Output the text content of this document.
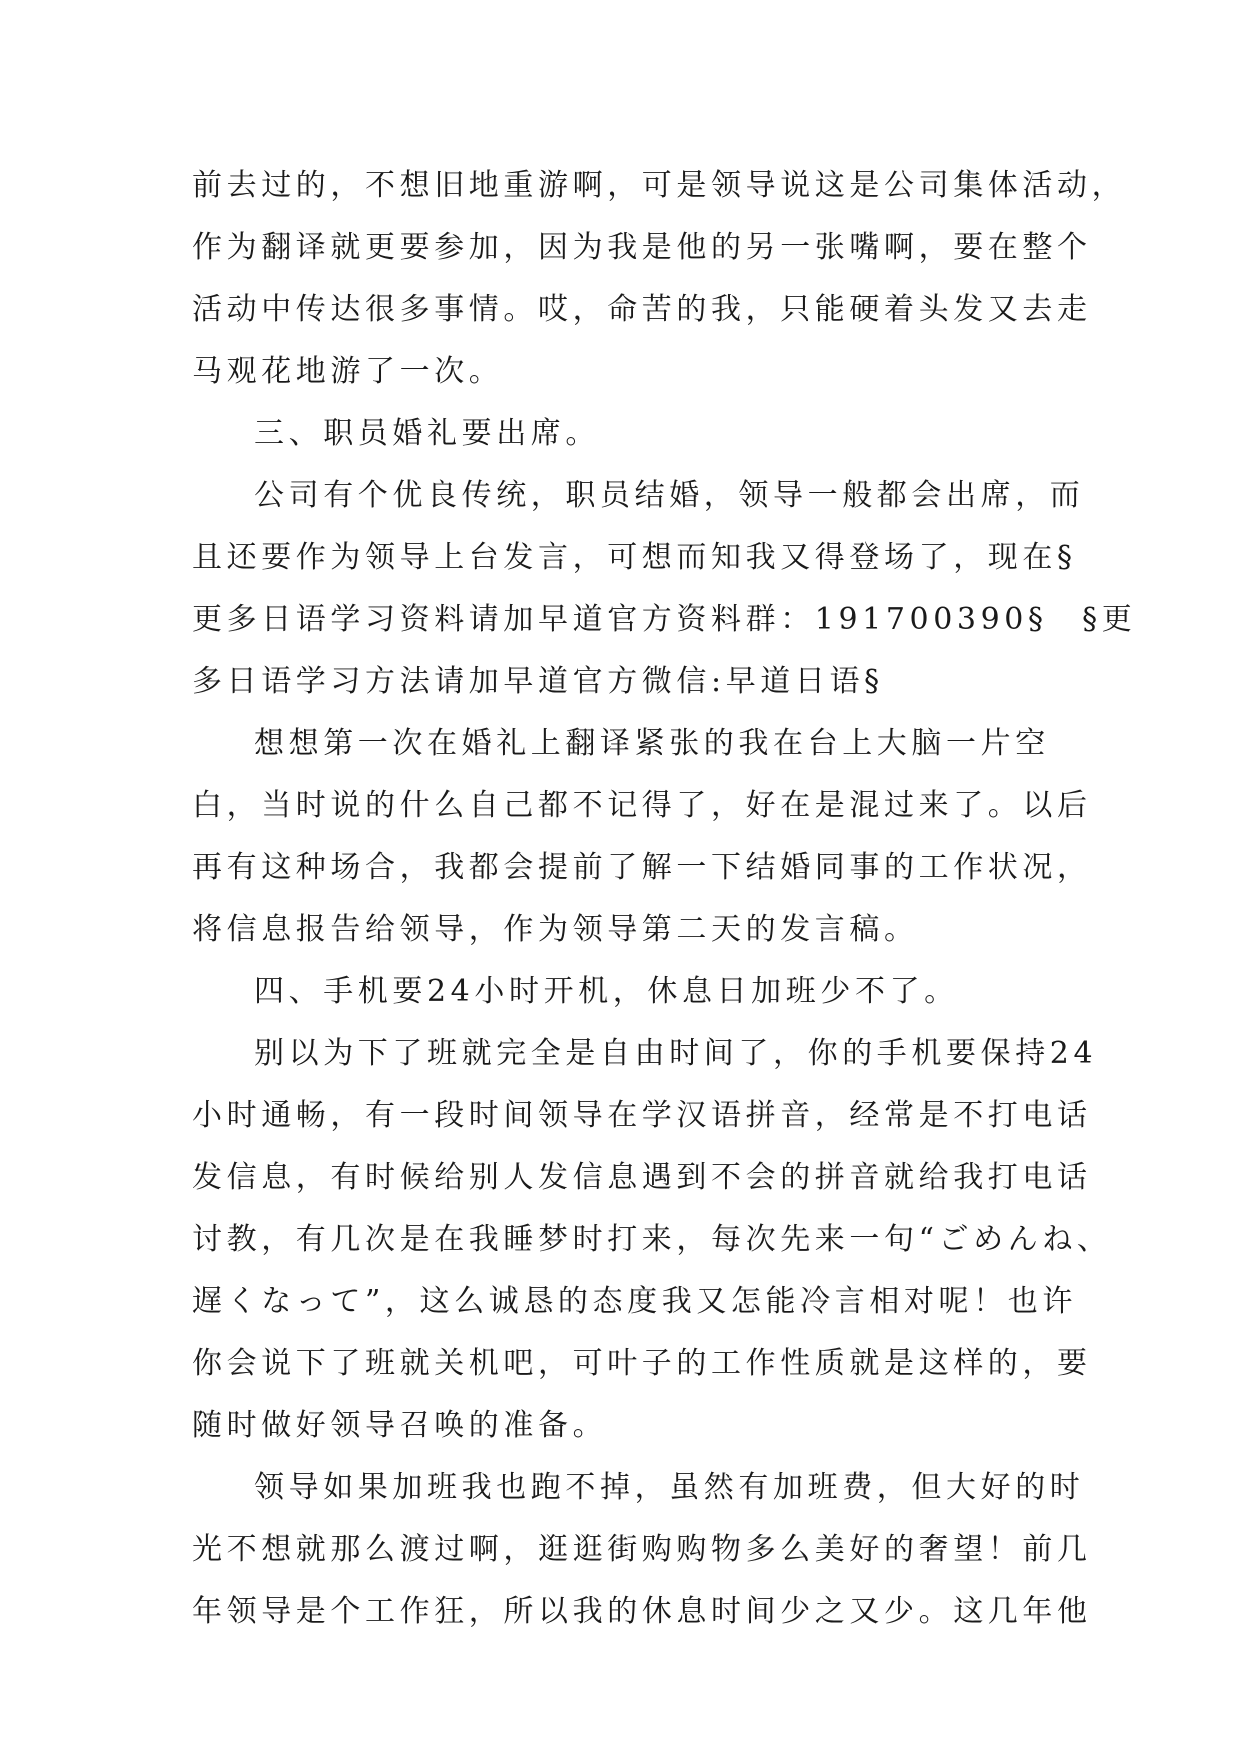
前去过的，不想旧地重游啊，可是领导说这是公司集体活动，
作为翻译就更要参加，因为我是他的另一张嘴啊，要在整个
活动中传达很多事情。哎，命苦的我，只能硬着头发又去走
马观花地游了一次。
三、职员婚礼要出席。
公司有个优良传统，职员结婚，领导一般都会出席，而
且还要作为领导上台发言，可想而知我又得登场了，现在§
更多日语学习资料请加早道官方资料群：191700390§　§更
多日语学习方法请加早道官方微信:早道日语§
想想第一次在婚礼上翻译紧张的我在台上大脑一片空
白，当时说的什么自己都不记得了，好在是混过来了。以后
再有这种场合，我都会提前了解一下结婚同事的工作状况，
将信息报告给领导，作为领导第二天的发言稿。
四、手机要24小时开机，休息日加班少不了。
别以为下了班就完全是自由时间了，你的手机要保持24
小时通畅，有一段时间领导在学汉语拼音，经常是不打电话
发信息，有时候给别人发信息遇到不会的拼音就给我打电话
讨教，有几次是在我睡梦时打来，每次先来一句“ごめんね、
遅くなって”，这么诚恳的态度我又怎能冷言相对呢！也许
你会说下了班就关机吧，可叶子的工作性质就是这样的，要
随时做好领导召唤的准备。
领导如果加班我也跑不掉，虽然有加班费，但大好的时
光不想就那么渡过啊，逛逛街购购物多么美好的奢望！前几
年领导是个工作狂，所以我的休息时间少之又少。这几年他
